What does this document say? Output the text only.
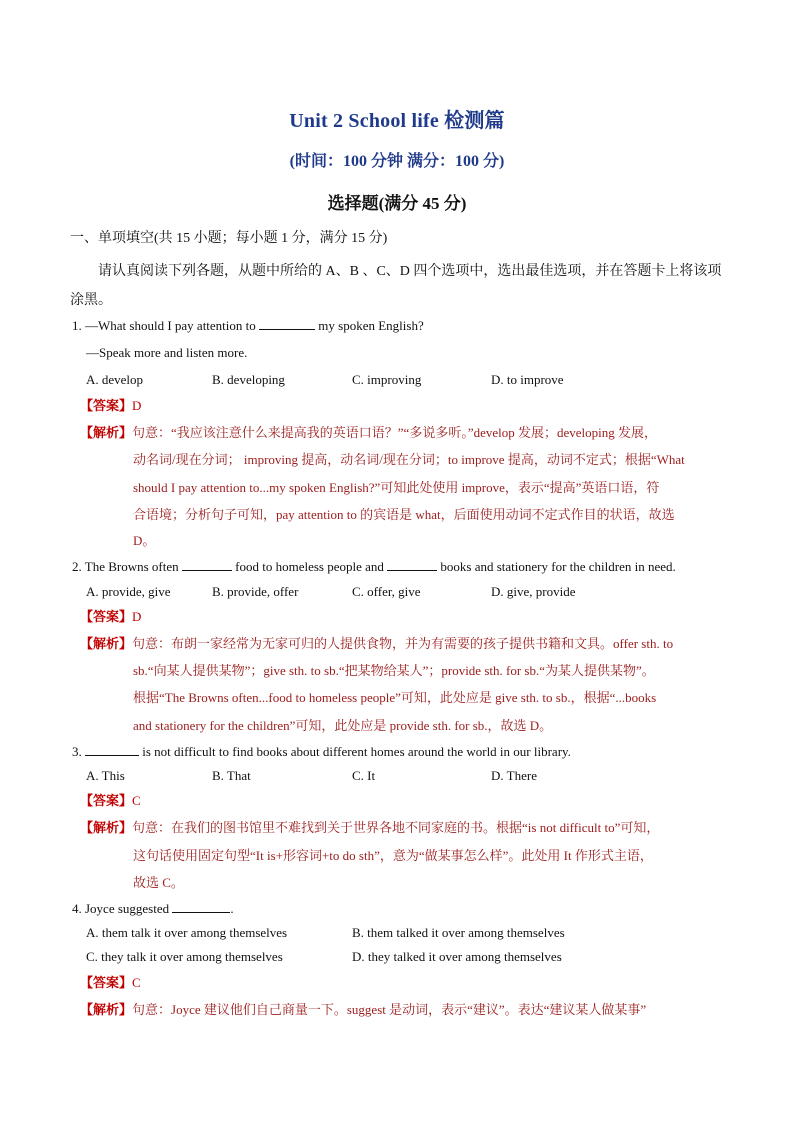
Unit 2 School life 检测篇
(时间：100 分钟 满分：100 分)
选择题(满分 45 分)
一、单项填空(共 15 小题；每小题 1 分，满分 15 分)
请认真阅读下列各题，从题中所给的 A、B 、C、D 四个选项中，选出最佳选项，并在答题卡上将该项
涂黑。
1. —What should I pay attention to	my spoken English?
—Speak more and listen more.
A. develop	B. developing	C. improving	D. to improve
【答案】D
【解析】句意：“我应该注意什么来提高我的英语口语？”“多说多听。”develop 发展；developing 发展，
动名词/现在分词； improving 提高，动名词/现在分词；to improve 提高，动词不定式；根据“What
should I pay attention to...my spoken English?”可知此处使用 improve，表示“提高”英语口语，符
合语境；分析句子可知，pay attention to 的宾语是 what，后面使用动词不定式作目的状语，故选
D。
2. The Browns often	food to homeless people and	books and stationery for the children in need.
A. provide, give	B. provide, offer	C. offer, give	D. give, provide
【答案】D
【解析】句意：布朗一家经常为无家可归的人提供食物，并为有需要的孩子提供书籍和文具。offer sth. to
sb.“向某人提供某物”；give sth. to sb.“把某物给某人”；provide sth. for sb.“为某人提供某物”。
根据“The Browns often...food to homeless people”可知，此处应是 give sth. to sb.，根据“...books
and stationery for the children”可知，此处应是 provide sth. for sb.，故选 D。
3.	is not difficult to find books about different homes around the world in our library.
A. This	B. That	C. It	D. There
【答案】C
【解析】句意：在我们的图书馆里不难找到关于世界各地不同家庭的书。根据“is not difficult to”可知，
这句话使用固定句型“It is+形容词+to do sth”，意为“做某事怎么样”。此处用 It 作形式主语，
故选 C。
4. Joyce suggested	.
A. them talk it over among themselves	B. them talked it over among themselves
C. they talk it over among themselves	D. they talked it over among themselves
【答案】C
【解析】句意：Joyce 建议他们自己商量一下。suggest 是动词，表示“建议”。表达“建议某人做某事”
